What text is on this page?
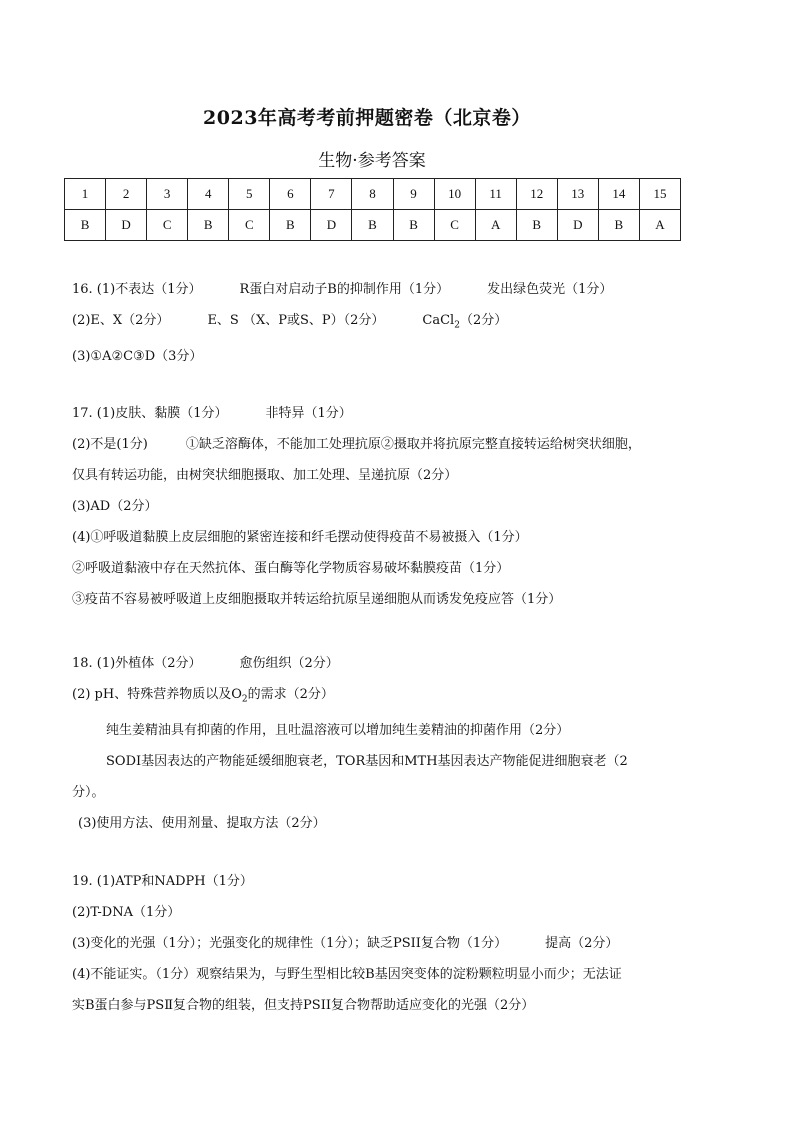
2023年高考考前押题密卷（北京卷）
生物·参考答案
1	2	3	4	5	6	7	8	9	10	11	12	13	14	15
B	D	C	B	C	B	D	B	B	C	A	B	D	B	A
16. (1)不表达（1分）	R蛋白对启动子B的抑制作用（1分）	发出绿色荧光（1分）
(2)E、X（2分）	E、S （X、P或S、P）（2分）	CaCl$_2$（2分）
(3)①A②C③D（3分）
17. (1)皮肤、黏膜（1分）	非特异（1分）
(2)不是(1分)	①缺乏溶酶体，不能加工处理抗原②摄取并将抗原完整直接转运给树突状细胞，
仅具有转运功能，由树突状细胞摄取、加工处理、呈递抗原（2分）
(3)AD（2分）
(4)①呼吸道黏膜上皮层细胞的紧密连接和纤毛摆动使得疫苗不易被摄入（1分）
②呼吸道黏液中存在天然抗体、蛋白酶等化学物质容易破坏黏膜疫苗（1分）
③疫苗不容易被呼吸道上皮细胞摄取并转运给抗原呈递细胞从而诱发免疫应答（1分）
18. (1)外植体（2分）	愈伤组织（2分）
(2) pH、特殊营养物质以及$O_2$的需求（2分）
纯生姜精油具有抑菌的作用，且吐温溶液可以增加纯生姜精油的抑菌作用（2分）
SODI基因表达的产物能延缓细胞衰老，TOR基因和MTH基因表达产物能促进细胞衰老（2
分）。
(3)使用方法、使用剂量、提取方法（2分）
19. (1)ATP和NADPH（1分）
(2)T-DNA（1分）
(3)变化的光强（1分）；光强变化的规律性（1分）；缺乏PSII复合物（1分）	提高（2分）
(4)不能证实。（1分）观察结果为，与野生型相比较B基因突变体的淀粉颗粒明显小而少；无法证
实B蛋白参与PSⅡ复合物的组装，但支持PSII复合物帮助适应变化的光强（2分）
